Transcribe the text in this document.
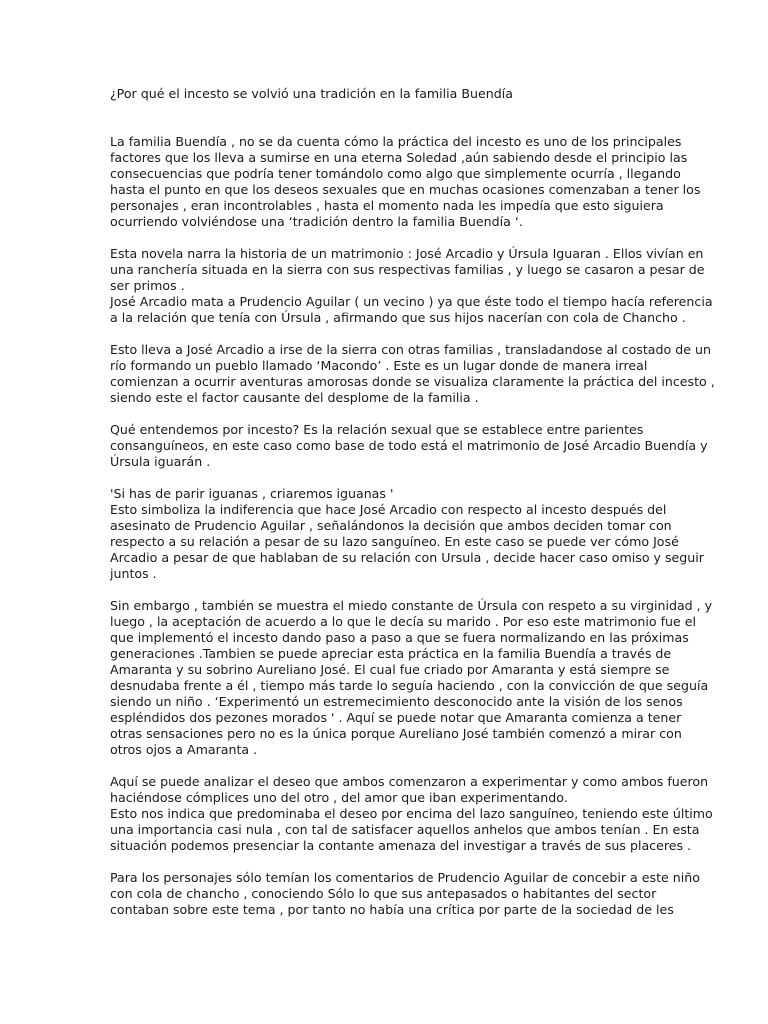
¿Por qué el incesto se volvió una tradición en la familia Buendía

La familia Buendía , no se da cuenta cómo la práctica del incesto es uno de los principales
factores que los lleva a sumirse en una eterna Soledad ,aún sabiendo desde el principio las
consecuencias que podría tener tomándolo como algo que simplemente ocurría , llegando
hasta el punto en que los deseos sexuales que en muchas ocasiones comenzaban a tener los
personajes , eran incontrolables , hasta el momento nada les impedía que esto siguiera
ocurriendo volviéndose una ‘tradición dentro la familia Buendía ‘.

Esta novela narra la historia de un matrimonio : José Arcadio y Úrsula Iguaran . Ellos vivían en
una ranchería situada en la sierra con sus respectivas familias , y luego se casaron a pesar de
ser primos .
José Arcadio mata a Prudencio Aguilar ( un vecino ) ya que éste todo el tiempo hacía referencia
a la relación que tenía con Úrsula , afirmando que sus hijos nacerían con cola de Chancho .

Esto lleva a José Arcadio a irse de la sierra con otras familias , transladandose al costado de un
río formando un pueblo llamado ‘Macondo’ . Este es un lugar donde de manera irreal
comienzan a ocurrir aventuras amorosas donde se visualiza claramente la práctica del incesto ,
siendo este el factor causante del desplome de la familia .

Qué entendemos por incesto? Es la relación sexual que se establece entre parientes
consanguíneos, en este caso como base de todo está el matrimonio de José Arcadio Buendía y
Úrsula iguarán .

'Si has de parir iguanas , criaremos iguanas '
Esto simboliza la indiferencia que hace José Arcadio con respecto al incesto después del
asesinato de Prudencio Aguilar , señalándonos la decisión que ambos deciden tomar con
respecto a su relación a pesar de su lazo sanguíneo. En este caso se puede ver cómo José
Arcadio a pesar de que hablaban de su relación con Ursula , decide hacer caso omiso y seguir
juntos .

Sin embargo , también se muestra el miedo constante de Úrsula con respeto a su virginidad , y
luego , la aceptación de acuerdo a lo que le decía su marido . Por eso este matrimonio fue el
que implementó el incesto dando paso a paso a que se fuera normalizando en las próximas
generaciones .Tambien se puede apreciar esta práctica en la familia Buendía a través de
Amaranta y su sobrino Aureliano José. El cual fue criado por Amaranta y está siempre se
desnudaba frente a él , tiempo más tarde lo seguía haciendo , con la convicción de que seguía
siendo un niño . ‘Experimentó un estremecimiento desconocido ante la visión de los senos
espléndidos dos pezones morados ' . Aquí se puede notar que Amaranta comienza a tener
otras sensaciones pero no es la única porque Aureliano José también comenzó a mirar con
otros ojos a Amaranta .

Aquí se puede analizar el deseo que ambos comenzaron a experimentar y como ambos fueron
haciéndose cómplices uno del otro , del amor que iban experimentando.
Esto nos indica que predominaba el deseo por encima del lazo sanguíneo, teniendo este último
una importancia casi nula , con tal de satisfacer aquellos anhelos que ambos tenían . En esta
situación podemos presenciar la contante amenaza del investigar a través de sus placeres .

Para los personajes sólo temían los comentarios de Prudencio Aguilar de concebir a este niño
con cola de chancho , conociendo Sólo lo que sus antepasados o habitantes del sector
contaban sobre este tema , por tanto no había una crítica por parte de la sociedad de les
